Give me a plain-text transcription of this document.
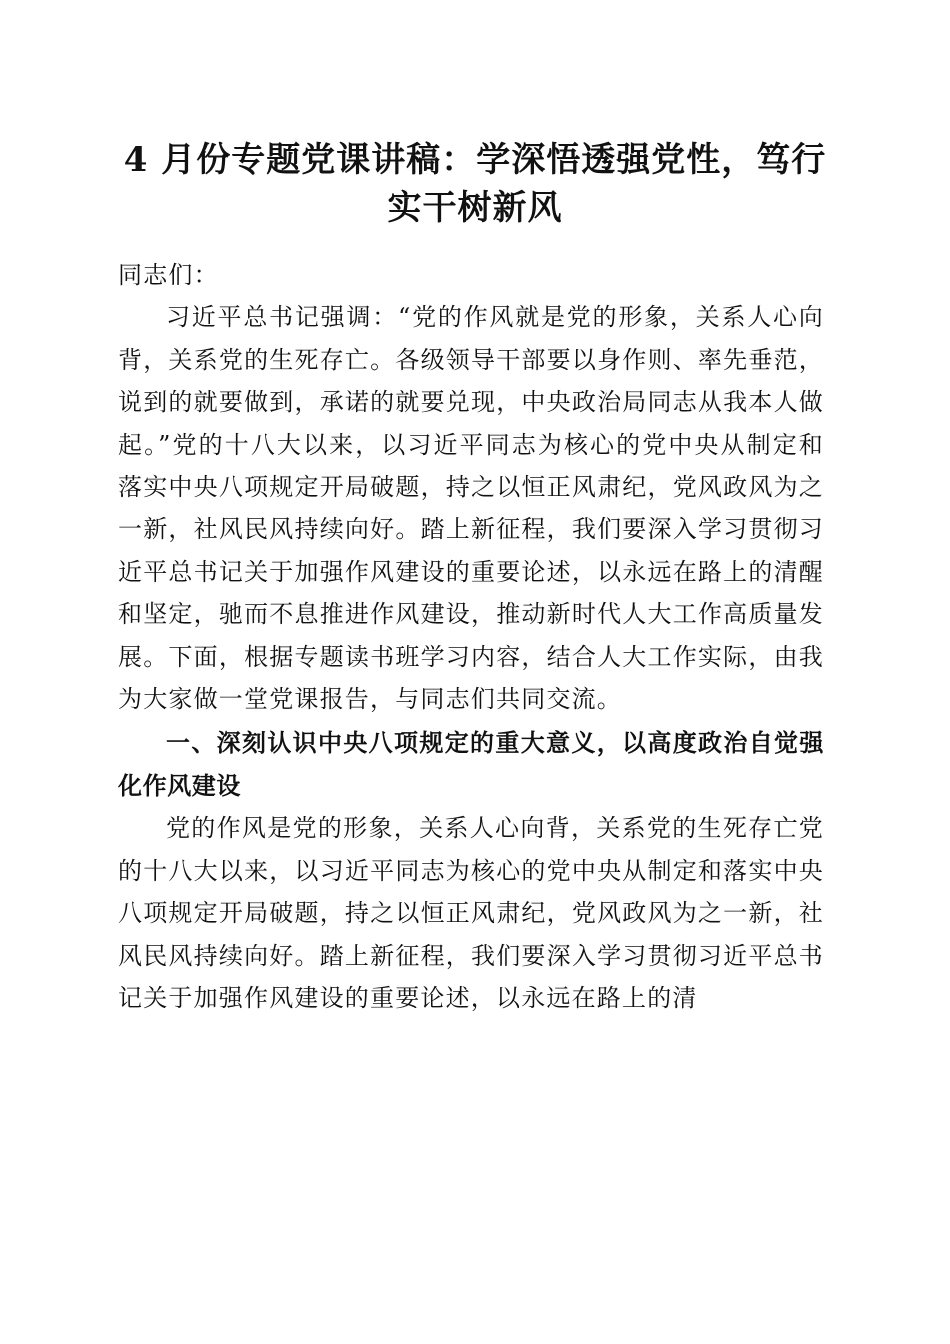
4 月份专题党课讲稿：学深悟透强党性，笃行
实干树新风

同志们：

习近平总书记强调：“党的作风就是党的形象，关系人心向背，关系党的生死存亡。各级领导干部要以身作则、率先垂范，说到的就要做到，承诺的就要兑现，中央政治局同志从我本人做起。”党的十八大以来，以习近平同志为核心的党中央从制定和落实中央八项规定开局破题，持之以恒正风肃纪，党风政风为之一新，社风民风持续向好。踏上新征程，我们要深入学习贯彻习近平总书记关于加强作风建设的重要论述，以永远在路上的清醒和坚定，驰而不息推进作风建设，推动新时代人大工作高质量发展。下面，根据专题读书班学习内容，结合人大工作实际，由我为大家做一堂党课报告，与同志们共同交流。

一、深刻认识中央八项规定的重大意义，以高度政治自觉强化作风建设

党的作风是党的形象，关系人心向背，关系党的生死存亡党的十八大以来，以习近平同志为核心的党中央从制定和落实中央八项规定开局破题，持之以恒正风肃纪，党风政风为之一新，社风民风持续向好。踏上新征程，我们要深入学习贯彻习近平总书记关于加强作风建设的重要论述，以永远在路上的清
